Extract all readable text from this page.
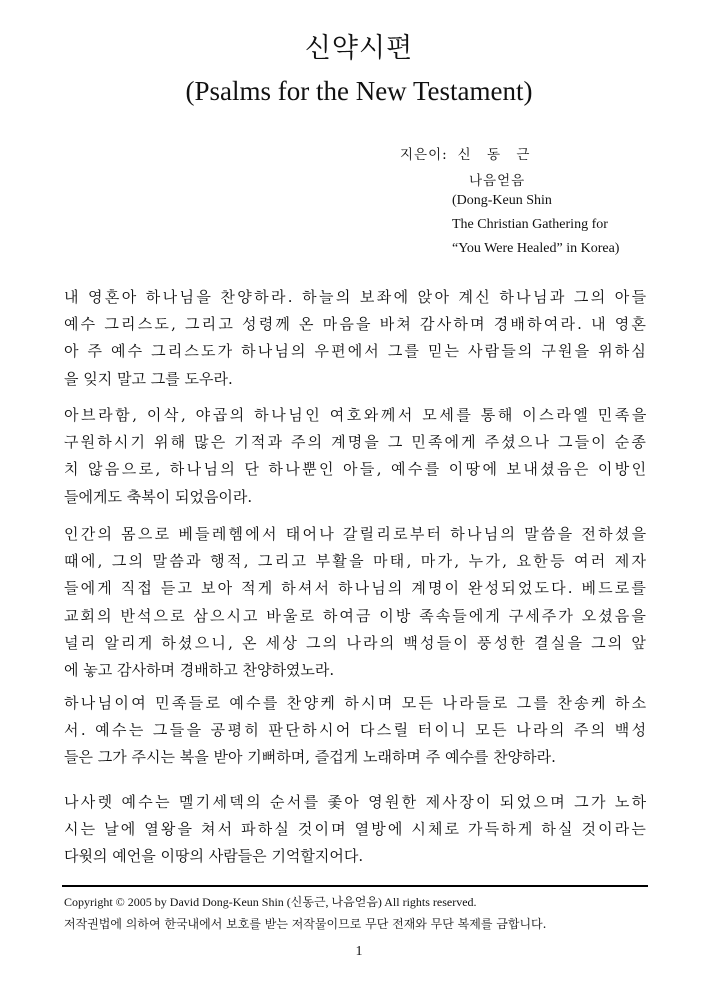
신약시편
(Psalms for the New Testament)
지은이: 신 동 근
나음얻음
(Dong-Keun Shin
The Christian Gathering for
“You Were Healed” in Korea)
내 영혼아 하나님을 찬양하라. 하늘의 보좌에 앉아 계신 하나님과 그의 아들
예수 그리스도, 그리고 성령께 온 마음을 바쳐 감사하며 경배하여라. 내 영혼
아 주 예수 그리스도가 하나님의 우편에서 그를 믿는 사람들의 구원을 위하심
을 잊지 말고 그를 도우라.
아브라함, 이삭, 야곱의 하나님인 여호와께서 모세를 통해 이스라엘 민족을
구원하시기 위해 많은 기적과 주의 계명을 그 민족에게 주셨으나 그들이 순종
치 않음으로, 하나님의 단 하나뿐인 아들, 예수를 이땅에 보내셨음은 이방인
들에게도 축복이 되었음이라.
인간의 몸으로 베들레헴에서 태어나 갈릴리로부터 하나님의 말씀을 전하셨을
때에, 그의 말씀과 행적, 그리고 부활을 마태, 마가, 누가, 요한등 여러 제자
들에게 직접 듣고 보아 적게 하셔서 하나님의 계명이 완성되었도다. 베드로를
교회의 반석으로 삼으시고 바울로 하여금 이방 족속들에게 구세주가 오셨음을
널리 알리게 하셨으니, 온 세상 그의 나라의 백성들이 풍성한 결실을 그의 앞
에 놓고 감사하며 경배하고 찬양하였노라.
하나님이여 민족들로 예수를 찬양케 하시며 모든 나라들로 그를 찬송케 하소
서. 예수는 그들을 공평히 판단하시어 다스릴 터이니 모든 나라의 주의 백성
들은 그가 주시는 복을 받아 기뻐하며, 즐겁게 노래하며 주 예수를 찬양하라.
나사렛 예수는 멜기세덱의 순서를 좇아 영원한 제사장이 되었으며 그가 노하
시는 날에 열왕을 쳐서 파하실 것이며 열방에 시체로 가득하게 하실 것이라는
다윗의 예언을 이땅의 사람들은 기억할지어다.
Copyright © 2005 by David Dong-Keun Shin (신동근, 나음얻음) All rights reserved.
저작권법에 의하여 한국내에서 보호를 받는 저작물이므로 무단 전재와 무단 복제를 금합니다.
1
